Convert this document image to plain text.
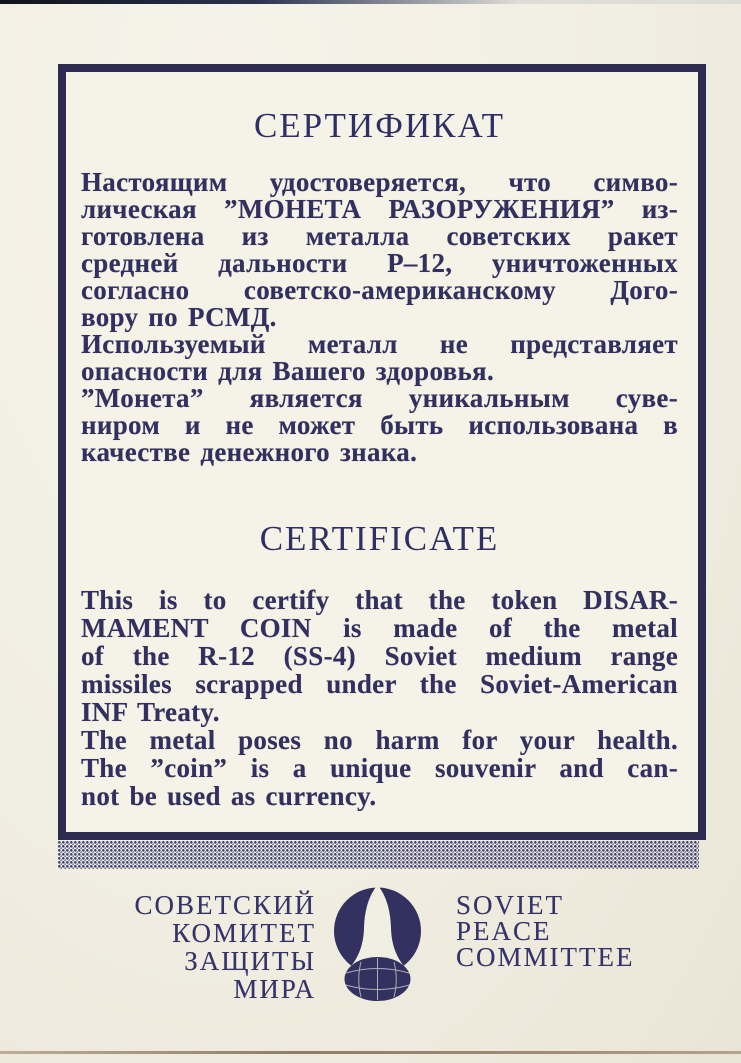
СЕРТИФИКАТ
Настоящим удостоверяется, что симво-
лическая ”МОНЕТА РАЗОРУЖЕНИЯ” из-
готовлена из металла советских ракет
средней дальности Р–12, уничтоженных
согласно советско-американскому Дого-
вору по РСМД.
Используемый металл не представляет
опасности для Вашего здоровья.
”Монета” является уникальным суве-
ниром и не может быть использована в
качестве денежного знака.
CERTIFICATE
This is to certify that the token DISAR-
MAMENT COIN is made of the metal
of the R-12 (SS-4) Soviet medium range
missiles scrapped under the Soviet-American
INF Treaty.
The metal poses no harm for your health.
The ”coin” is a unique souvenir and can-
not be used as currency.
СОВЕТСКИЙ
КОМИТЕТ
ЗАЩИТЫ
МИРА
SOVIET
PEACE
COMMITTEE
